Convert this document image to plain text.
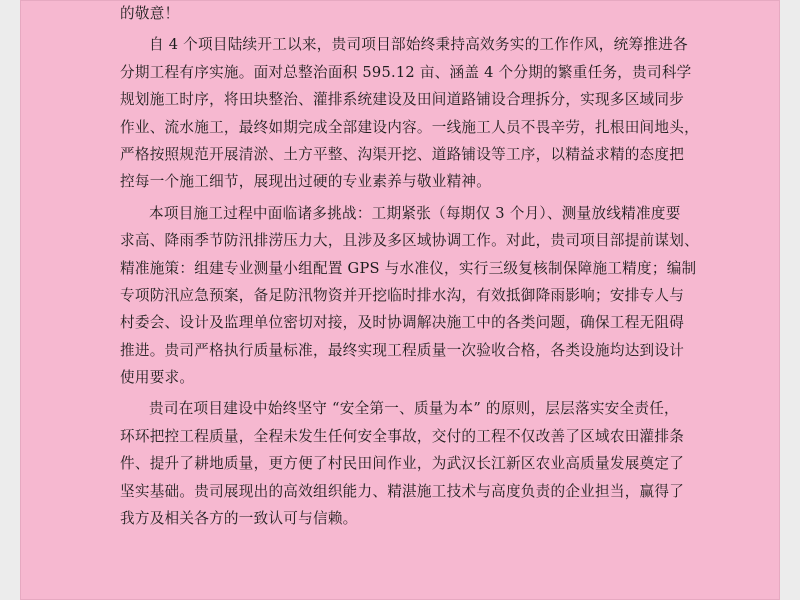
的敬意！
自 4 个项目陆续开工以来，贵司项目部始终秉持高效务实的工作作风，统筹推进各
分期工程有序实施。面对总整治面积 595.12 亩、涵盖 4 个分期的繁重任务，贵司科学
规划施工时序，将田块整治、灌排系统建设及田间道路铺设合理拆分，实现多区域同步
作业、流水施工，最终如期完成全部建设内容。一线施工人员不畏辛劳，扎根田间地头，
严格按照规范开展清淤、土方平整、沟渠开挖、道路铺设等工序，以精益求精的态度把
控每一个施工细节，展现出过硬的专业素养与敬业精神。
本项目施工过程中面临诸多挑战：工期紧张（每期仅 3 个月）、测量放线精准度要
求高、降雨季节防汛排涝压力大，且涉及多区域协调工作。对此，贵司项目部提前谋划、
精准施策：组建专业测量小组配置 GPS 与水准仪，实行三级复核制保障施工精度；编制
专项防汛应急预案，备足防汛物资并开挖临时排水沟，有效抵御降雨影响；安排专人与
村委会、设计及监理单位密切对接，及时协调解决施工中的各类问题，确保工程无阻碍
推进。贵司严格执行质量标准，最终实现工程质量一次验收合格，各类设施均达到设计
使用要求。
贵司在项目建设中始终坚守 “安全第一、质量为本” 的原则，层层落实安全责任，
环环把控工程质量，全程未发生任何安全事故，交付的工程不仅改善了区域农田灌排条
件、提升了耕地质量，更方便了村民田间作业，为武汉长江新区农业高质量发展奠定了
坚实基础。贵司展现出的高效组织能力、精湛施工技术与高度负责的企业担当，赢得了
我方及相关各方的一致认可与信赖。
